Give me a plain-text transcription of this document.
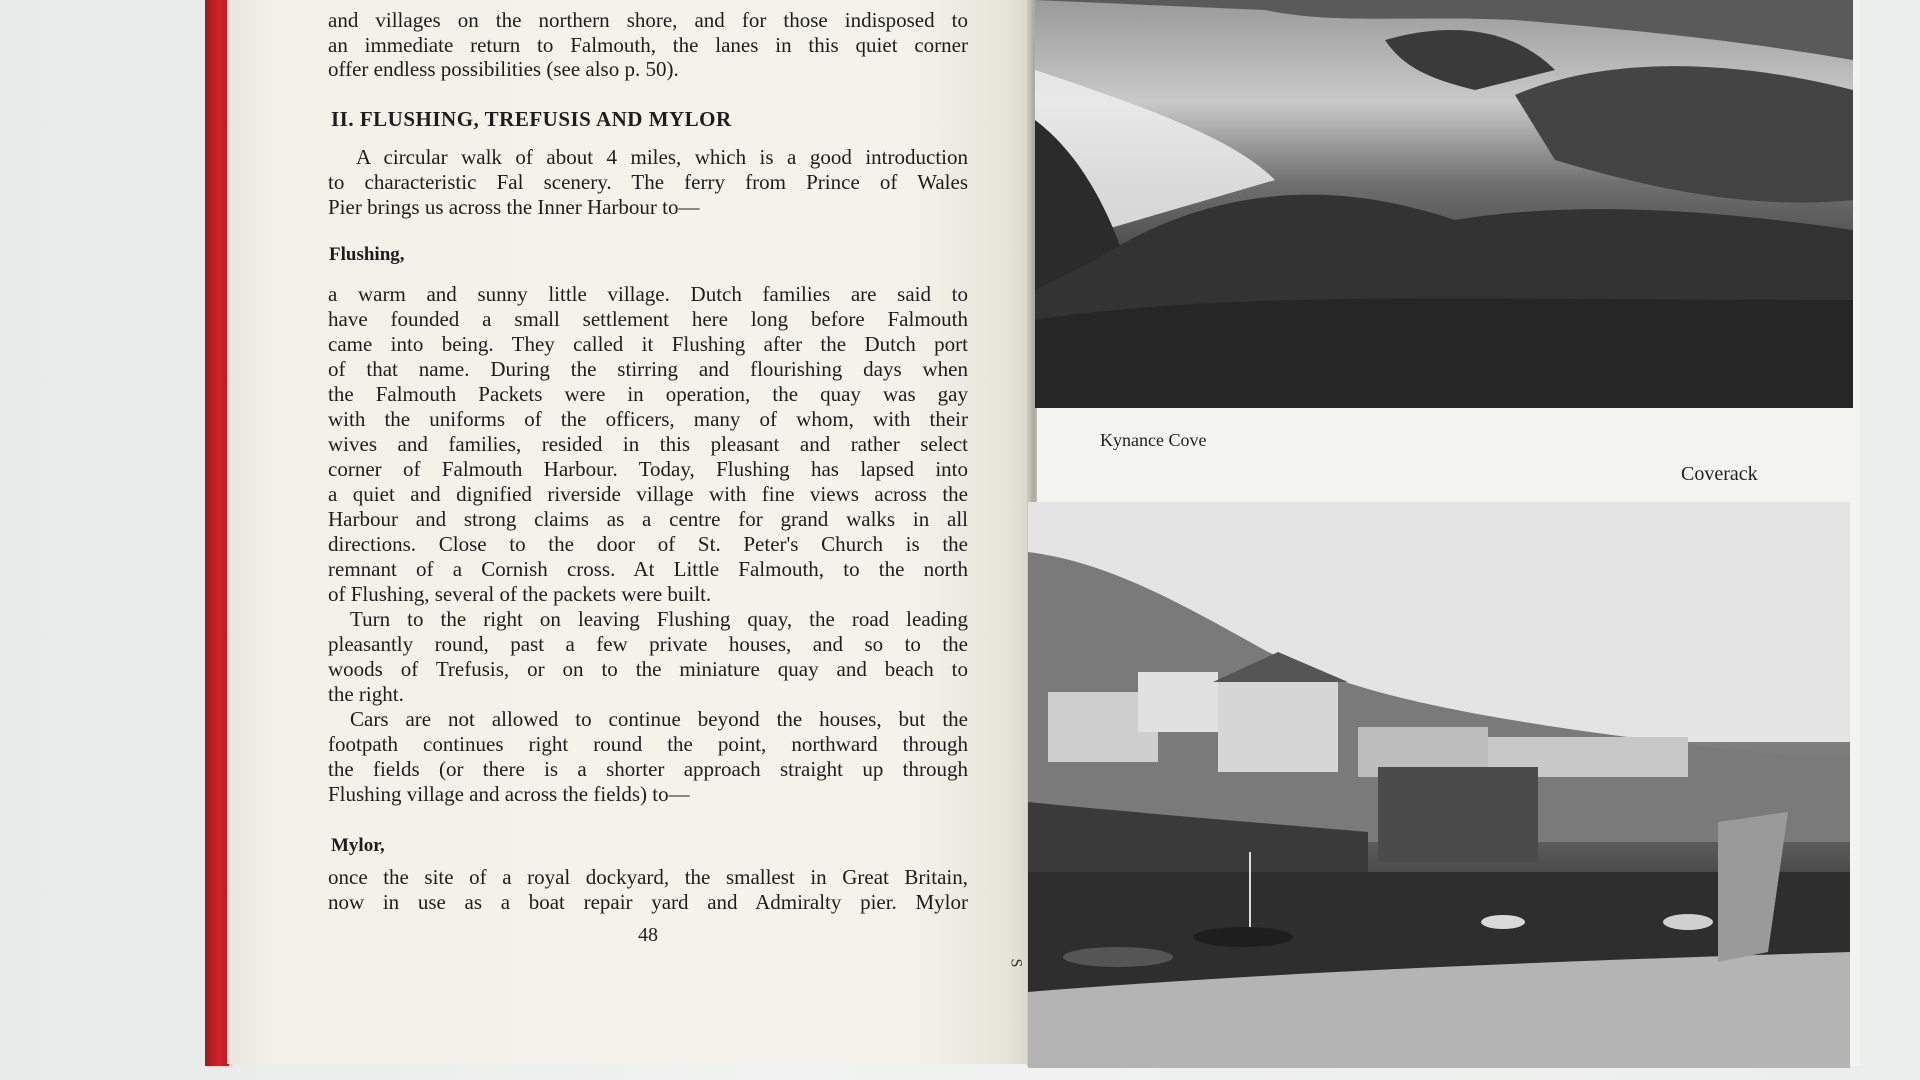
and villages on the northern shore, and for those indisposed to
an immediate return to Falmouth, the lanes in this quiet corner
offer endless possibilities (see also p. 50).
II. FLUSHING, TREFUSIS AND MYLOR
A circular walk of about 4 miles, which is a good introduction
to characteristic Fal scenery. The ferry from Prince of Wales
Pier brings us across the Inner Harbour to—
Flushing,
a warm and sunny little village. Dutch families are said to
have founded a small settlement here long before Falmouth
came into being. They called it Flushing after the Dutch port
of that name. During the stirring and flourishing days when
the Falmouth Packets were in operation, the quay was gay
with the uniforms of the officers, many of whom, with their
wives and families, resided in this pleasant and rather select
corner of Falmouth Harbour. Today, Flushing has lapsed into
a quiet and dignified riverside village with fine views across the
Harbour and strong claims as a centre for grand walks in all
directions. Close to the door of St. Peter's Church is the
remnant of a Cornish cross. At Little Falmouth, to the north
of Flushing, several of the packets were built.
Turn to the right on leaving Flushing quay, the road leading
pleasantly round, past a few private houses, and so to the
woods of Trefusis, or on to the miniature quay and beach to
the right.
Cars are not allowed to continue beyond the houses, but the
footpath continues right round the point, northward through
the fields (or there is a shorter approach straight up through
Flushing village and across the fields) to—
Mylor,
once the site of a royal dockyard, the smallest in Great Britain,
now in use as a boat repair yard and Admiralty pier. Mylor
48
S
Kynance Cove
Coverack
